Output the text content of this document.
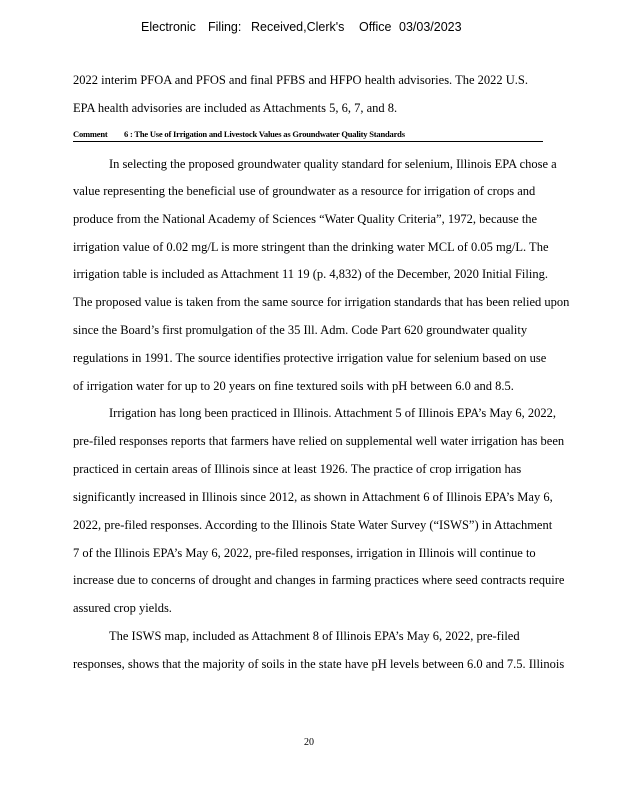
Electronic Filing: Received,Clerk's Office 03/03/2023
2022 interim PFOA and PFOS and final PFBS and HFPO health advisories. The 2022 U.S.
EPA health advisories are included as Attachments 5, 6, 7, and 8.
Comment 6 : The Use of Irrigation and Livestock Values as Groundwater Quality Standards
In selecting the proposed groundwater quality standard for selenium, Illinois EPA chose a
value representing the beneficial use of groundwater as a resource for irrigation of crops and
produce from the National Academy of Sciences “Water Quality Criteria”, 1972, because the
irrigation value of 0.02 mg/L is more stringent than the drinking water MCL of 0.05 mg/L. The
irrigation table is included as Attachment 11 19 (p. 4,832) of the December, 2020 Initial Filing.
The proposed value is taken from the same source for irrigation standards that has been relied upon
since the Board’s first promulgation of the 35 Ill. Adm. Code Part 620 groundwater quality
regulations in 1991. The source identifies protective irrigation value for selenium based on use
of irrigation water for up to 20 years on fine textured soils with pH between 6.0 and 8.5.
Irrigation has long been practiced in Illinois. Attachment 5 of Illinois EPA’s May 6, 2022,
pre-filed responses reports that farmers have relied on supplemental well water irrigation has been
practiced in certain areas of Illinois since at least 1926. The practice of crop irrigation has
significantly increased in Illinois since 2012, as shown in Attachment 6 of Illinois EPA’s May 6,
2022, pre-filed responses. According to the Illinois State Water Survey (“ISWS”) in Attachment
7 of the Illinois EPA’s May 6, 2022, pre-filed responses, irrigation in Illinois will continue to
increase due to concerns of drought and changes in farming practices where seed contracts require
assured crop yields.
The ISWS map, included as Attachment 8 of Illinois EPA’s May 6, 2022, pre-filed
responses, shows that the majority of soils in the state have pH levels between 6.0 and 7.5. Illinois
20
